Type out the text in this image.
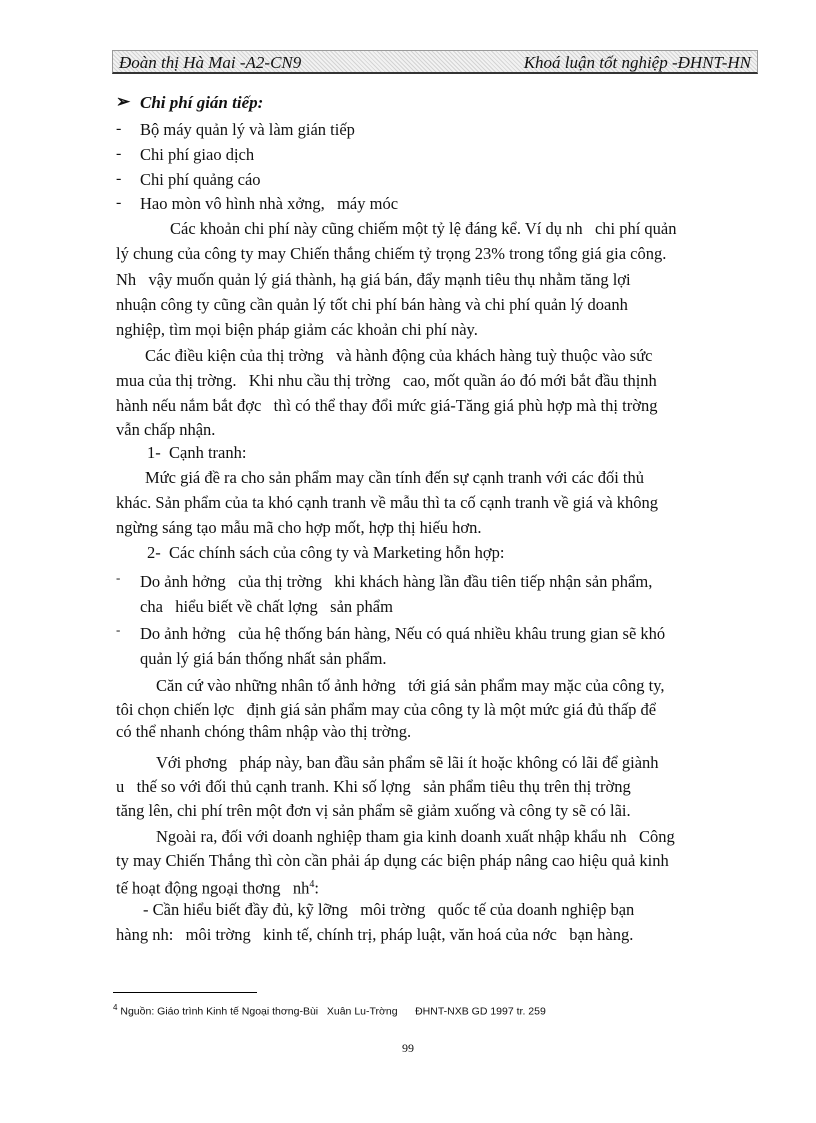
Đoàn thị Hà Mai -A2-CN9	Khoá luận tốt nghiệp -ĐHNT-HN
➢ Chi phí gián tiếp:
- Bộ máy quản lý và làm gián tiếp
- Chi phí giao dịch
- Chi phí quảng cáo
- Hao mòn vô hình nhà xởng,   máy móc
Các khoản chi phí này cũng chiếm một tỷ lệ đáng kể. Ví dụ nh   chi phí quản
lý chung của công ty may Chiến thắng chiếm tỷ trọng 23% trong tổng giá gia công.
Nh   vậy muốn quản lý giá thành, hạ giá bán, đẩy mạnh tiêu thụ nhằm tăng lợi
nhuận công ty cũng cần quản lý tốt chi phí bán hàng và chi phí quản lý doanh
nghiệp, tìm mọi biện pháp giảm các khoản chi phí này.
Các điều kiện của thị trờng   và hành động của khách hàng tuỳ thuộc vào sức
mua của thị trờng.   Khi nhu cầu thị trờng   cao, mốt quần áo đó mới bắt đầu thịnh
hành nếu nắm bắt đợc   thì có thể thay đổi mức giá-Tăng giá phù hợp mà thị trờng
vẫn chấp nhận.
1-  Cạnh tranh:
Mức giá đề ra cho sản phẩm may cần tính đến sự cạnh tranh với các đối thủ
khác. Sản phẩm của ta khó cạnh tranh về mẫu thì ta cố cạnh tranh về giá và không
ngừng sáng tạo mẫu mã cho hợp mốt, hợp thị hiếu hơn.
2-  Các chính sách của công ty và Marketing hỗn hợp:
- Do ảnh hởng   của thị trờng   khi khách hàng lần đầu tiên tiếp nhận sản phẩm,
cha   hiểu biết về chất lợng   sản phẩm
- Do ảnh hởng   của hệ thống bán hàng, Nếu có quá nhiều khâu trung gian sẽ khó
quản lý giá bán thống nhất sản phẩm.
Căn cứ vào những nhân tố ảnh hởng   tới giá sản phẩm may mặc của công ty,
tôi chọn chiến lợc   định giá sản phẩm may của công ty là một mức giá đủ thấp để
có thể nhanh chóng thâm nhập vào thị trờng.
Với phơng   pháp này, ban đầu sản phẩm sẽ lãi ít hoặc không có lãi để giành
u   thế so với đối thủ cạnh tranh. Khi số lợng   sản phẩm tiêu thụ trên thị trờng
tăng lên, chi phí trên một đơn vị sản phẩm sẽ giảm xuống và công ty sẽ có lãi.
Ngoài ra, đối với doanh nghiệp tham gia kinh doanh xuất nhập khẩu nh   Công
ty may Chiến Thắng thì còn cần phải áp dụng các biện pháp nâng cao hiệu quả kinh
tế hoạt động ngoại thơng   $nh^4$:
- Cần hiểu biết đầy đủ, kỹ lỡng   môi trờng   quốc tế của doanh nghiệp bạn
hàng nh:   môi trờng   kinh tế, chính trị, pháp luật, văn hoá của nớc   bạn hàng.
$^4$ Nguồn: Giáo trình Kinh tế Ngoại thơng-Bùi   Xuân Lu-Trờng      ĐHNT-NXB GD 1997 tr. 259
99
